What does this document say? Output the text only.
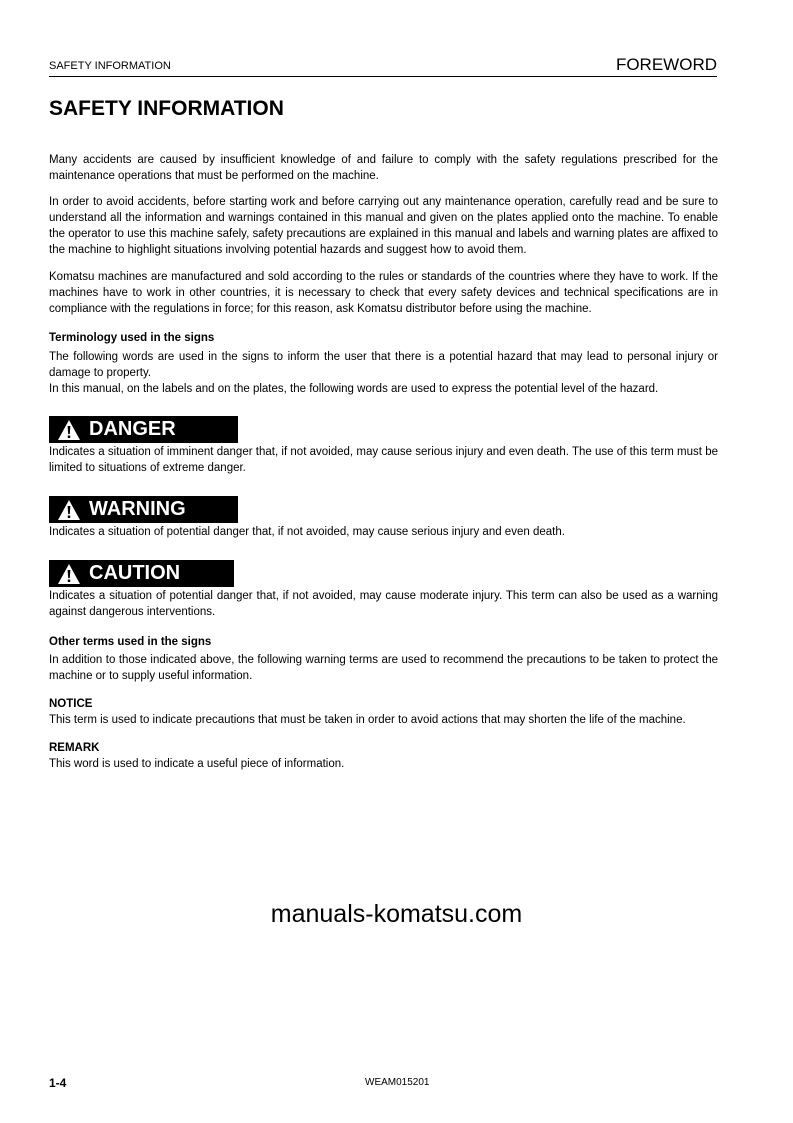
SAFETY INFORMATION	FOREWORD
SAFETY INFORMATION

Many accidents are caused by insufficient knowledge of and failure to comply with the safety regulations prescribed for the maintenance operations that must be performed on the machine.

In order to avoid accidents, before starting work and before carrying out any maintenance operation, carefully read and be sure to understand all the information and warnings contained in this manual and given on the plates applied onto the machine. To enable the operator to use this machine safely, safety precautions are explained in this manual and labels and warning plates are affixed to the machine to highlight situations involving potential hazards and suggest how to avoid them.

Komatsu machines are manufactured and sold according to the rules or standards of the countries where they have to work. If the machines have to work in other countries, it is necessary to check that every safety devices and technical specifications are in compliance with the regulations in force; for this reason, ask Komatsu distributor before using the machine.

Terminology used in the signs

The following words are used in the signs to inform the user that there is a potential hazard that may lead to personal injury or damage to property.

In this manual, on the labels and on the plates, the following words are used to express the potential level of the hazard.

DANGER

Indicates a situation of imminent danger that, if not avoided, may cause serious injury and even death. The use of this term must be limited to situations of extreme danger.

WARNING

Indicates a situation of potential danger that, if not avoided, may cause serious injury and even death.

CAUTION

Indicates a situation of potential danger that, if not avoided, may cause moderate injury. This term can also be used as a warning against dangerous interventions.

Other terms used in the signs

In addition to those indicated above, the following warning terms are used to recommend the precautions to be taken to protect the machine or to supply useful information.

NOTICE

This term is used to indicate precautions that must be taken in order to avoid actions that may shorten the life of the machine.

REMARK

This word is used to indicate a useful piece of information.

manuals-komatsu.com
1-4	WEAM015201
